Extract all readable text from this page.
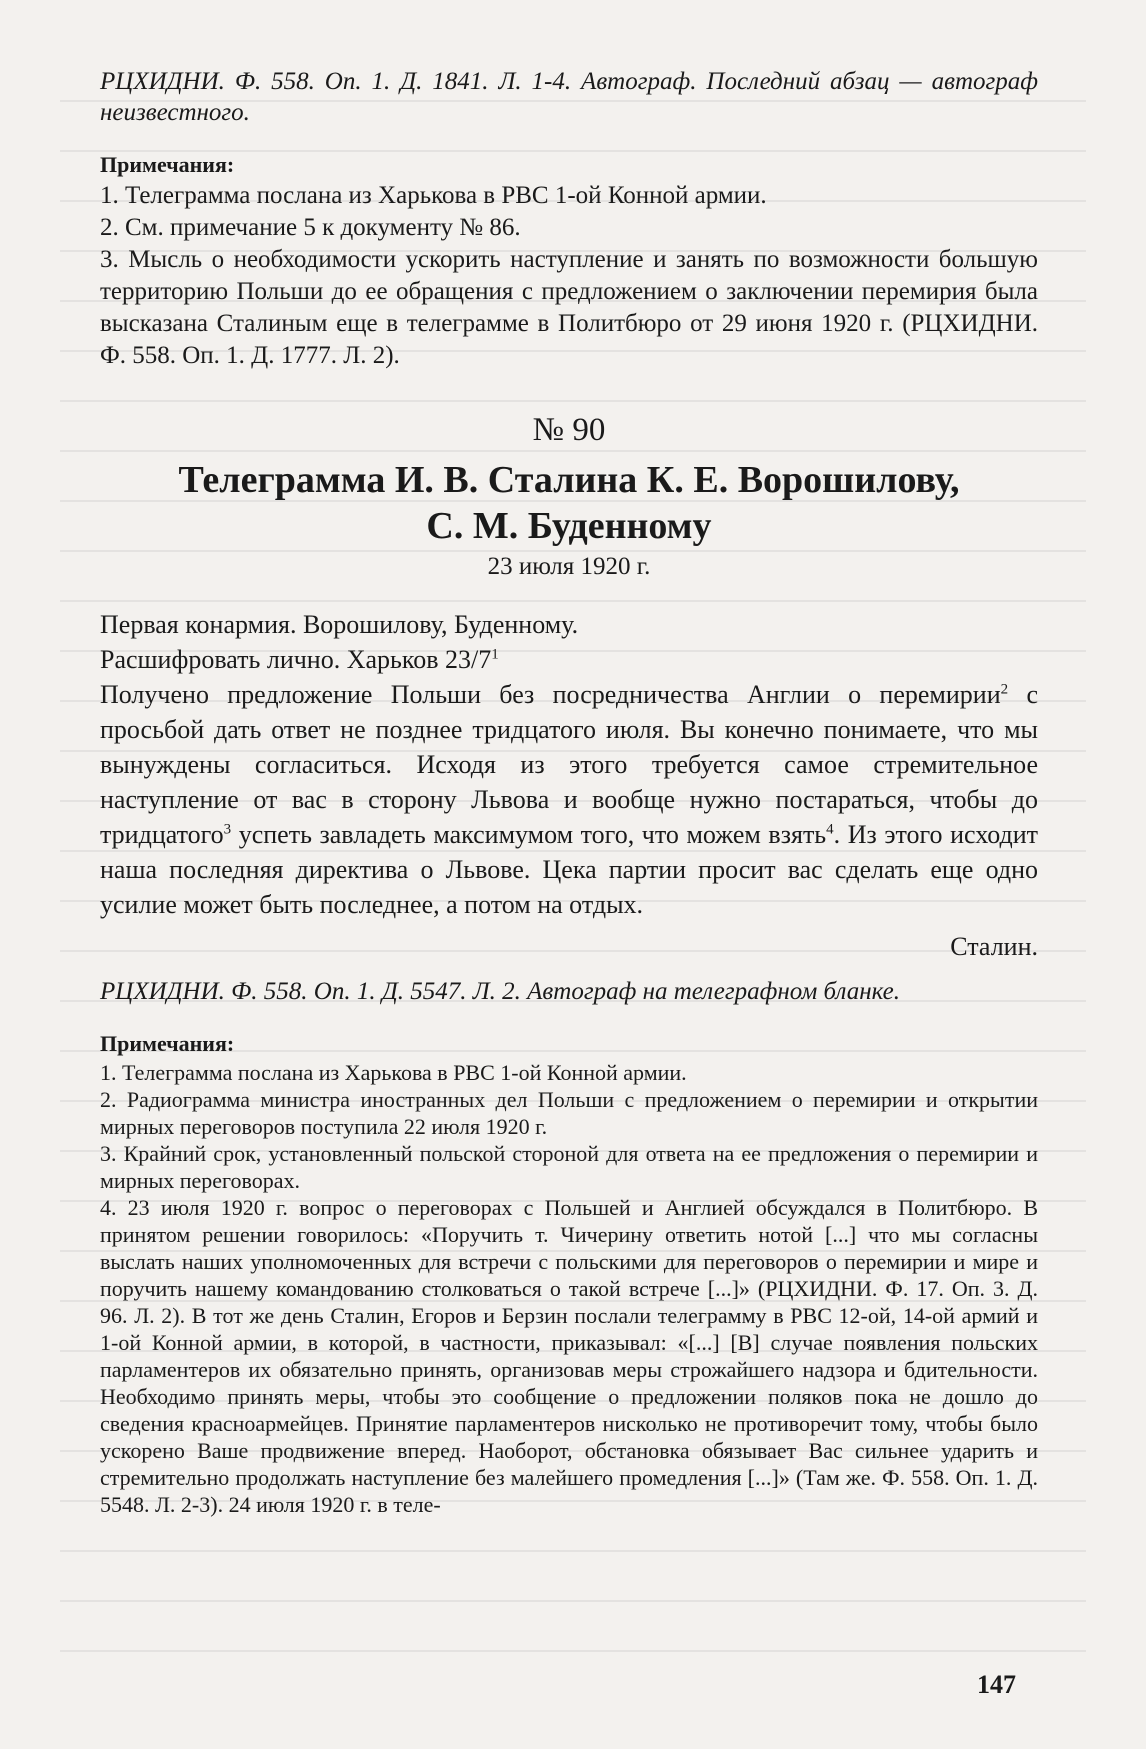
РЦХИДНИ. Ф. 558. Оп. 1. Д. 1841. Л. 1-4. Автограф. Последний абзац — автограф неизвестного.

Примечания:

1. Телеграмма послана из Харькова в РВС 1-ой Конной армии.

2. См. примечание 5 к документу № 86.

3. Мысль о необходимости ускорить наступление и занять по возможности большую территорию Польши до ее обращения с предложением о заключении перемирия была высказана Сталиным еще в телеграмме в Политбюро от 29 июня 1920 г. (РЦХИДНИ. Ф. 558. Оп. 1. Д. 1777. Л. 2).

№ 90
Телеграмма И. В. Сталина К. Е. Ворошилову,
С. М. Буденному
23 июля 1920 г.

Первая конармия. Ворошилову, Буденному.

Расшифровать лично. Харьков $23/7^1$

Получено предложение Польши без посредничества Англии о перемирии$^2$ с просьбой дать ответ не позднее тридцатого июля. Вы конечно понимаете, что мы вынуждены согласиться. Исходя из этого требуется самое стремительное наступление от вас в сторону Львова и вообще нужно постараться, чтобы до тридцатого$^3$ успеть завладеть максимумом того, что можем взять$^4$. Из этого исходит наша последняя директива о Львове. Цека партии просит вас сделать еще одно усилие может быть последнее, а потом на отдых.

Сталин.

РЦХИДНИ. Ф. 558. Оп. 1. Д. 5547. Л. 2. Автограф на телеграфном бланке.

Примечания:

1. Телеграмма послана из Харькова в РВС 1-ой Конной армии.

2. Радиограмма министра иностранных дел Польши с предложением о перемирии и открытии мирных переговоров поступила 22 июля 1920 г.

3. Крайний срок, установленный польской стороной для ответа на ее предложения о перемирии и мирных переговорах.

4. 23 июля 1920 г. вопрос о переговорах с Польшей и Англией обсуждался в Политбюро. В принятом решении говорилось: «Поручить т. Чичерину ответить нотой [...] что мы согласны выслать наших уполномоченных для встречи с польскими для переговоров о перемирии и мире и поручить нашему командованию столковаться о такой встрече [...]» (РЦХИДНИ. Ф. 17. Оп. 3. Д. 96. Л. 2). В тот же день Сталин, Егоров и Берзин послали телеграмму в РВС 12-ой, 14-ой армий и 1-ой Конной армии, в которой, в частности, приказывал: «[...] [В] случае появления польских парламентеров их обязательно принять, организовав меры строжайшего надзора и бдительности. Необходимо принять меры, чтобы это сообщение о предложении поляков пока не дошло до сведения красноармейцев. Принятие парламентеров нисколько не противоречит тому, чтобы было ускорено Ваше продвижение вперед. Наоборот, обстановка обязывает Вас сильнее ударить и стремительно продолжать наступление без малейшего промедления [...]» (Там же. Ф. 558. Оп. 1. Д. 5548. Л. 2-3). 24 июля 1920 г. в теле-

147
